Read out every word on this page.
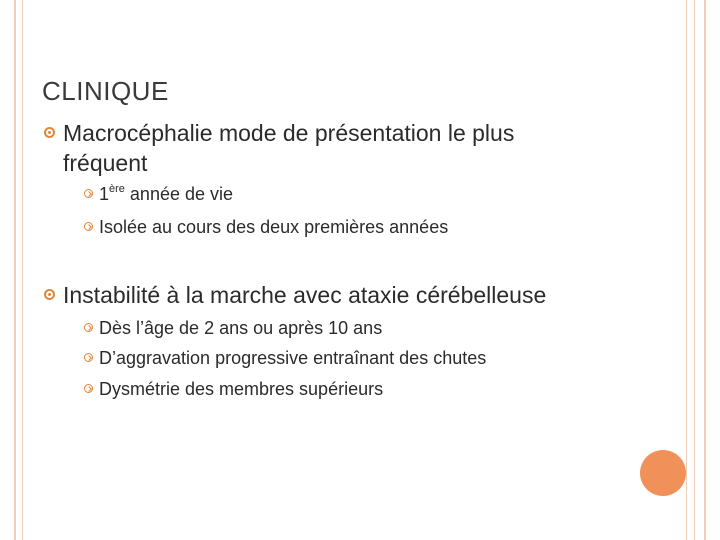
CLINIQUE
Macrocéphalie mode de présentation le plus
fréquent
1ère année de vie
Isolée au cours des deux premières années
Instabilité à la marche avec ataxie cérébelleuse
Dès l’âge de 2 ans ou après 10 ans
D’aggravation progressive entraînant des chutes
Dysmétrie des membres supérieurs
